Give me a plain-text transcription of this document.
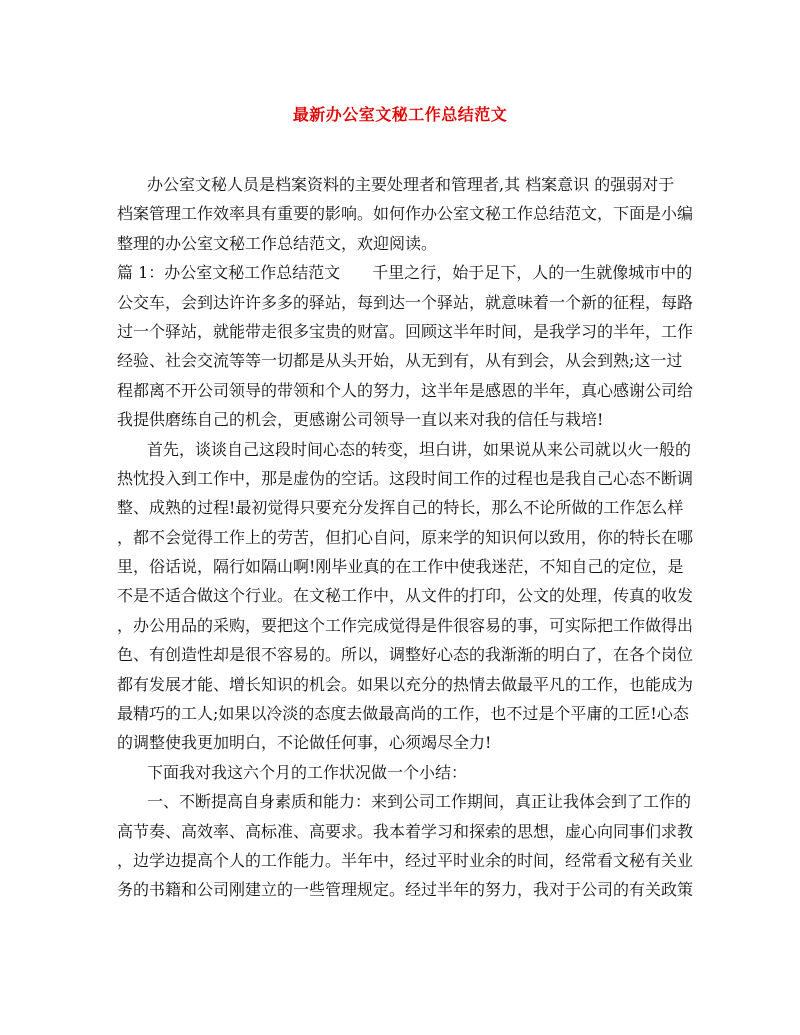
最新办公室文秘工作总结范文
办公室文秘人员是档案资料的主要处理者和管理者,其 档案意识 的强弱对于
档案管理工作效率具有重要的影响。如何作办公室文秘工作总结范文，下面是小编
整理的办公室文秘工作总结范文，欢迎阅读。
篇 1：办公室文秘工作总结范文　　千里之行，始于足下，人的一生就像城市中的
公交车，会到达许许多多的驿站，每到达一个驿站，就意味着一个新的征程，每路
过一个驿站，就能带走很多宝贵的财富。回顾这半年时间，是我学习的半年，工作
经验、社会交流等等一切都是从头开始，从无到有，从有到会，从会到熟;这一过
程都离不开公司领导的带领和个人的努力，这半年是感恩的半年，真心感谢公司给
我提供磨练自己的机会，更感谢公司领导一直以来对我的信任与栽培!
首先，谈谈自己这段时间心态的转变，坦白讲，如果说从来公司就以火一般的
热忱投入到工作中，那是虚伪的空话。这段时间工作的过程也是我自己心态不断调
整、成熟的过程!最初觉得只要充分发挥自己的特长，那么不论所做的工作怎么样
，都不会觉得工作上的劳苦，但扪心自问，原来学的知识何以致用，你的特长在哪
里，俗话说，隔行如隔山啊!刚毕业真的在工作中使我迷茫，不知自己的定位，是
不是不适合做这个行业。在文秘工作中，从文件的打印，公文的处理，传真的收发
，办公用品的采购，要把这个工作完成觉得是件很容易的事，可实际把工作做得出
色、有创造性却是很不容易的。所以，调整好心态的我渐渐的明白了，在各个岗位
都有发展才能、增长知识的机会。如果以充分的热情去做最平凡的工作，也能成为
最精巧的工人;如果以冷淡的态度去做最高尚的工作，也不过是个平庸的工匠!心态
的调整使我更加明白，不论做任何事，心须竭尽全力!
下面我对我这六个月的工作状况做一个小结：
一、不断提高自身素质和能力：来到公司工作期间，真正让我体会到了工作的
高节奏、高效率、高标准、高要求。我本着学习和探索的思想，虚心向同事们求教
，边学边提高个人的工作能力。半年中，经过平时业余的时间，经常看文秘有关业
务的书籍和公司刚建立的一些管理规定。经过半年的努力，我对于公司的有关政策
